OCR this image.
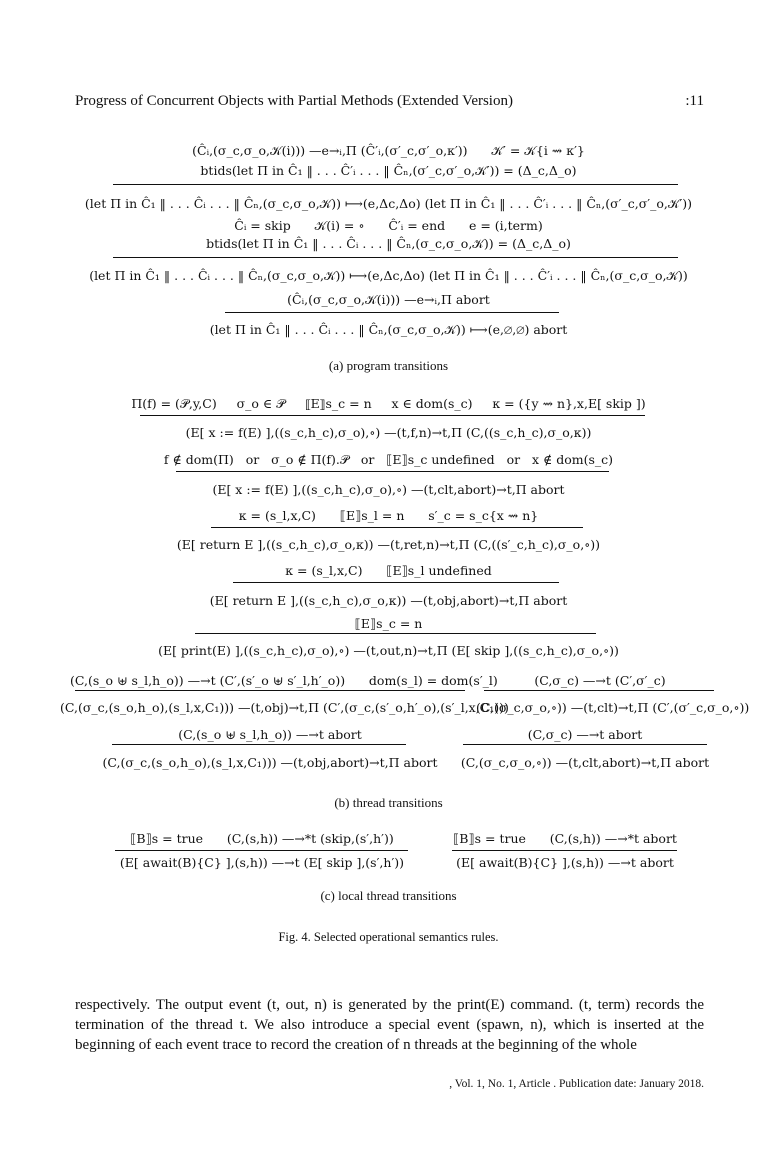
Progress of Concurrent Objects with Partial Methods (Extended Version)	:11
(Ĉᵢ,(σ_c,σ_o,𝒦(i))) —e→ᵢ,Π (Ĉ′ᵢ,(σ′_c,σ′_o,κ′))      𝒦′ = 𝒦{i ⇝ κ′}
btids(let Π in Ĉ₁ ‖ . . . Ĉ′ᵢ . . . ‖ Ĉₙ,(σ′_c,σ′_o,𝒦′)) = (Δ_c,Δ_o)
(let Π in Ĉ₁ ‖ . . . Ĉᵢ . . . ‖ Ĉₙ,(σ_c,σ_o,𝒦)) ⟼(e,Δc,Δo) (let Π in Ĉ₁ ‖ . . . Ĉ′ᵢ . . . ‖ Ĉₙ,(σ′_c,σ′_o,𝒦′))
Ĉᵢ = skip      𝒦(i) = ∘      Ĉ′ᵢ = end      e = (i,term)
btids(let Π in Ĉ₁ ‖ . . . Ĉᵢ . . . ‖ Ĉₙ,(σ_c,σ_o,𝒦)) = (Δ_c,Δ_o)
(let Π in Ĉ₁ ‖ . . . Ĉᵢ . . . ‖ Ĉₙ,(σ_c,σ_o,𝒦)) ⟼(e,Δc,Δo) (let Π in Ĉ₁ ‖ . . . Ĉ′ᵢ . . . ‖ Ĉₙ,(σ_c,σ_o,𝒦))
(Ĉᵢ,(σ_c,σ_o,𝒦(i))) —e→ᵢ,Π abort
(let Π in Ĉ₁ ‖ . . . Ĉᵢ . . . ‖ Ĉₙ,(σ_c,σ_o,𝒦)) ⟼(e,∅,∅) abort
(a) program transitions
Π(f) = (𝒫,y,C)     σ_o ∈ 𝒫     ⟦E⟧s_c = n     x ∈ dom(s_c)     κ = ({y ⇝ n},x,E[ skip ])
(E[ x := f(E) ],((s_c,h_c),σ_o),∘) —(t,f,n)→t,Π (C,((s_c,h_c),σ_o,κ))
f ∉ dom(Π)   or   σ_o ∉ Π(f).𝒫   or   ⟦E⟧s_c undefined   or   x ∉ dom(s_c)
(E[ x := f(E) ],((s_c,h_c),σ_o),∘) —(t,clt,abort)→t,Π abort
κ = (s_l,x,C)      ⟦E⟧s_l = n      s′_c = s_c{x ⇝ n}
(E[ return E ],((s_c,h_c),σ_o,κ)) —(t,ret,n)→t,Π (C,((s′_c,h_c),σ_o,∘))
κ = (s_l,x,C)      ⟦E⟧s_l undefined
(E[ return E ],((s_c,h_c),σ_o,κ)) —(t,obj,abort)→t,Π abort
⟦E⟧s_c = n
(E[ print(E) ],((s_c,h_c),σ_o),∘) —(t,out,n)→t,Π (E[ skip ],((s_c,h_c),σ_o,∘))
(C,(s_o ⊎ s_l,h_o)) —→t (C′,(s′_o ⊎ s′_l,h′_o))      dom(s_l) = dom(s′_l)
(C,(σ_c,(s_o,h_o),(s_l,x,C₁))) —(t,obj)→t,Π (C′,(σ_c,(s′_o,h′_o),(s′_l,x,C₁)))
(C,σ_c) —→t (C′,σ′_c)
(C,(σ_c,σ_o,∘)) —(t,clt)→t,Π (C′,(σ′_c,σ_o,∘))
(C,(s_o ⊎ s_l,h_o)) —→t abort
(C,(σ_c,(s_o,h_o),(s_l,x,C₁))) —(t,obj,abort)→t,Π abort
(C,σ_c) —→t abort
(C,(σ_c,σ_o,∘)) —(t,clt,abort)→t,Π abort
(b) thread transitions
⟦B⟧s = true      (C,(s,h)) —→*t (skip,(s′,h′))
(E[ await(B){C} ],(s,h)) —→t (E[ skip ],(s′,h′))
⟦B⟧s = true      (C,(s,h)) —→*t abort
(E[ await(B){C} ],(s,h)) —→t abort
(c) local thread transitions
Fig. 4. Selected operational semantics rules.
respectively. The output event (t, out, n) is generated by the print(E) command. (t, term) records the termination of the thread t. We also introduce a special event (spawn, n), which is inserted at the beginning of each event trace to record the creation of n threads at the beginning of the whole
, Vol. 1, No. 1, Article . Publication date: January 2018.
